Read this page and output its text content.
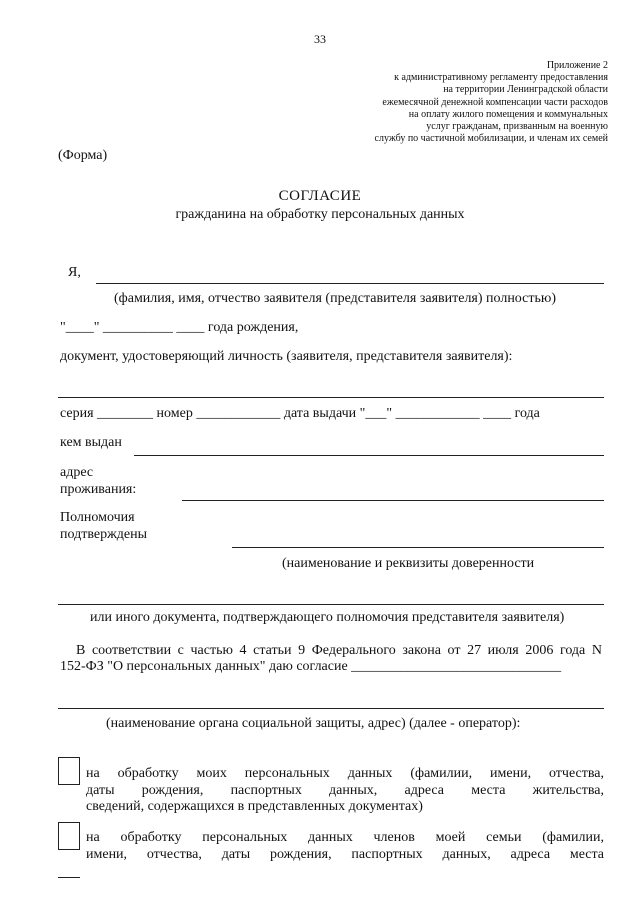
33
Приложение 2
к административному регламенту предоставления
на территории Ленинградской области
ежемесячной денежной компенсации части расходов
на оплату жилого помещения и коммунальных
услуг гражданам, призванным на военную
службу по частичной мобилизации, и членам их семей
(Форма)
СОГЛАСИЕ
гражданина на обработку персональных данных
Я,
(фамилия, имя, отчество заявителя (представителя заявителя) полностью)
"____" __________ ____ года рождения,
документ, удостоверяющий личность (заявителя, представителя заявителя):
серия ________ номер ____________ дата выдачи "___" ____________ ____ года
кем выдан
адрес
проживания:
Полномочия
подтверждены
(наименование и реквизиты доверенности
или иного документа, подтверждающего полномочия представителя заявителя)
В соответствии с частью 4 статьи 9 Федерального закона от 27 июля 2006 года N
152-ФЗ "О персональных данных" даю согласие ______________________________
(наименование органа социальной защиты, адрес) (далее - оператор):
на обработку моих персональных данных (фамилии, имени, отчества,
даты рождения, паспортных данных, адреса места жительства,
сведений, содержащихся в представленных документах)
на обработку персональных данных членов моей семьи (фамилии,
имени, отчества, даты рождения, паспортных данных, адреса места
